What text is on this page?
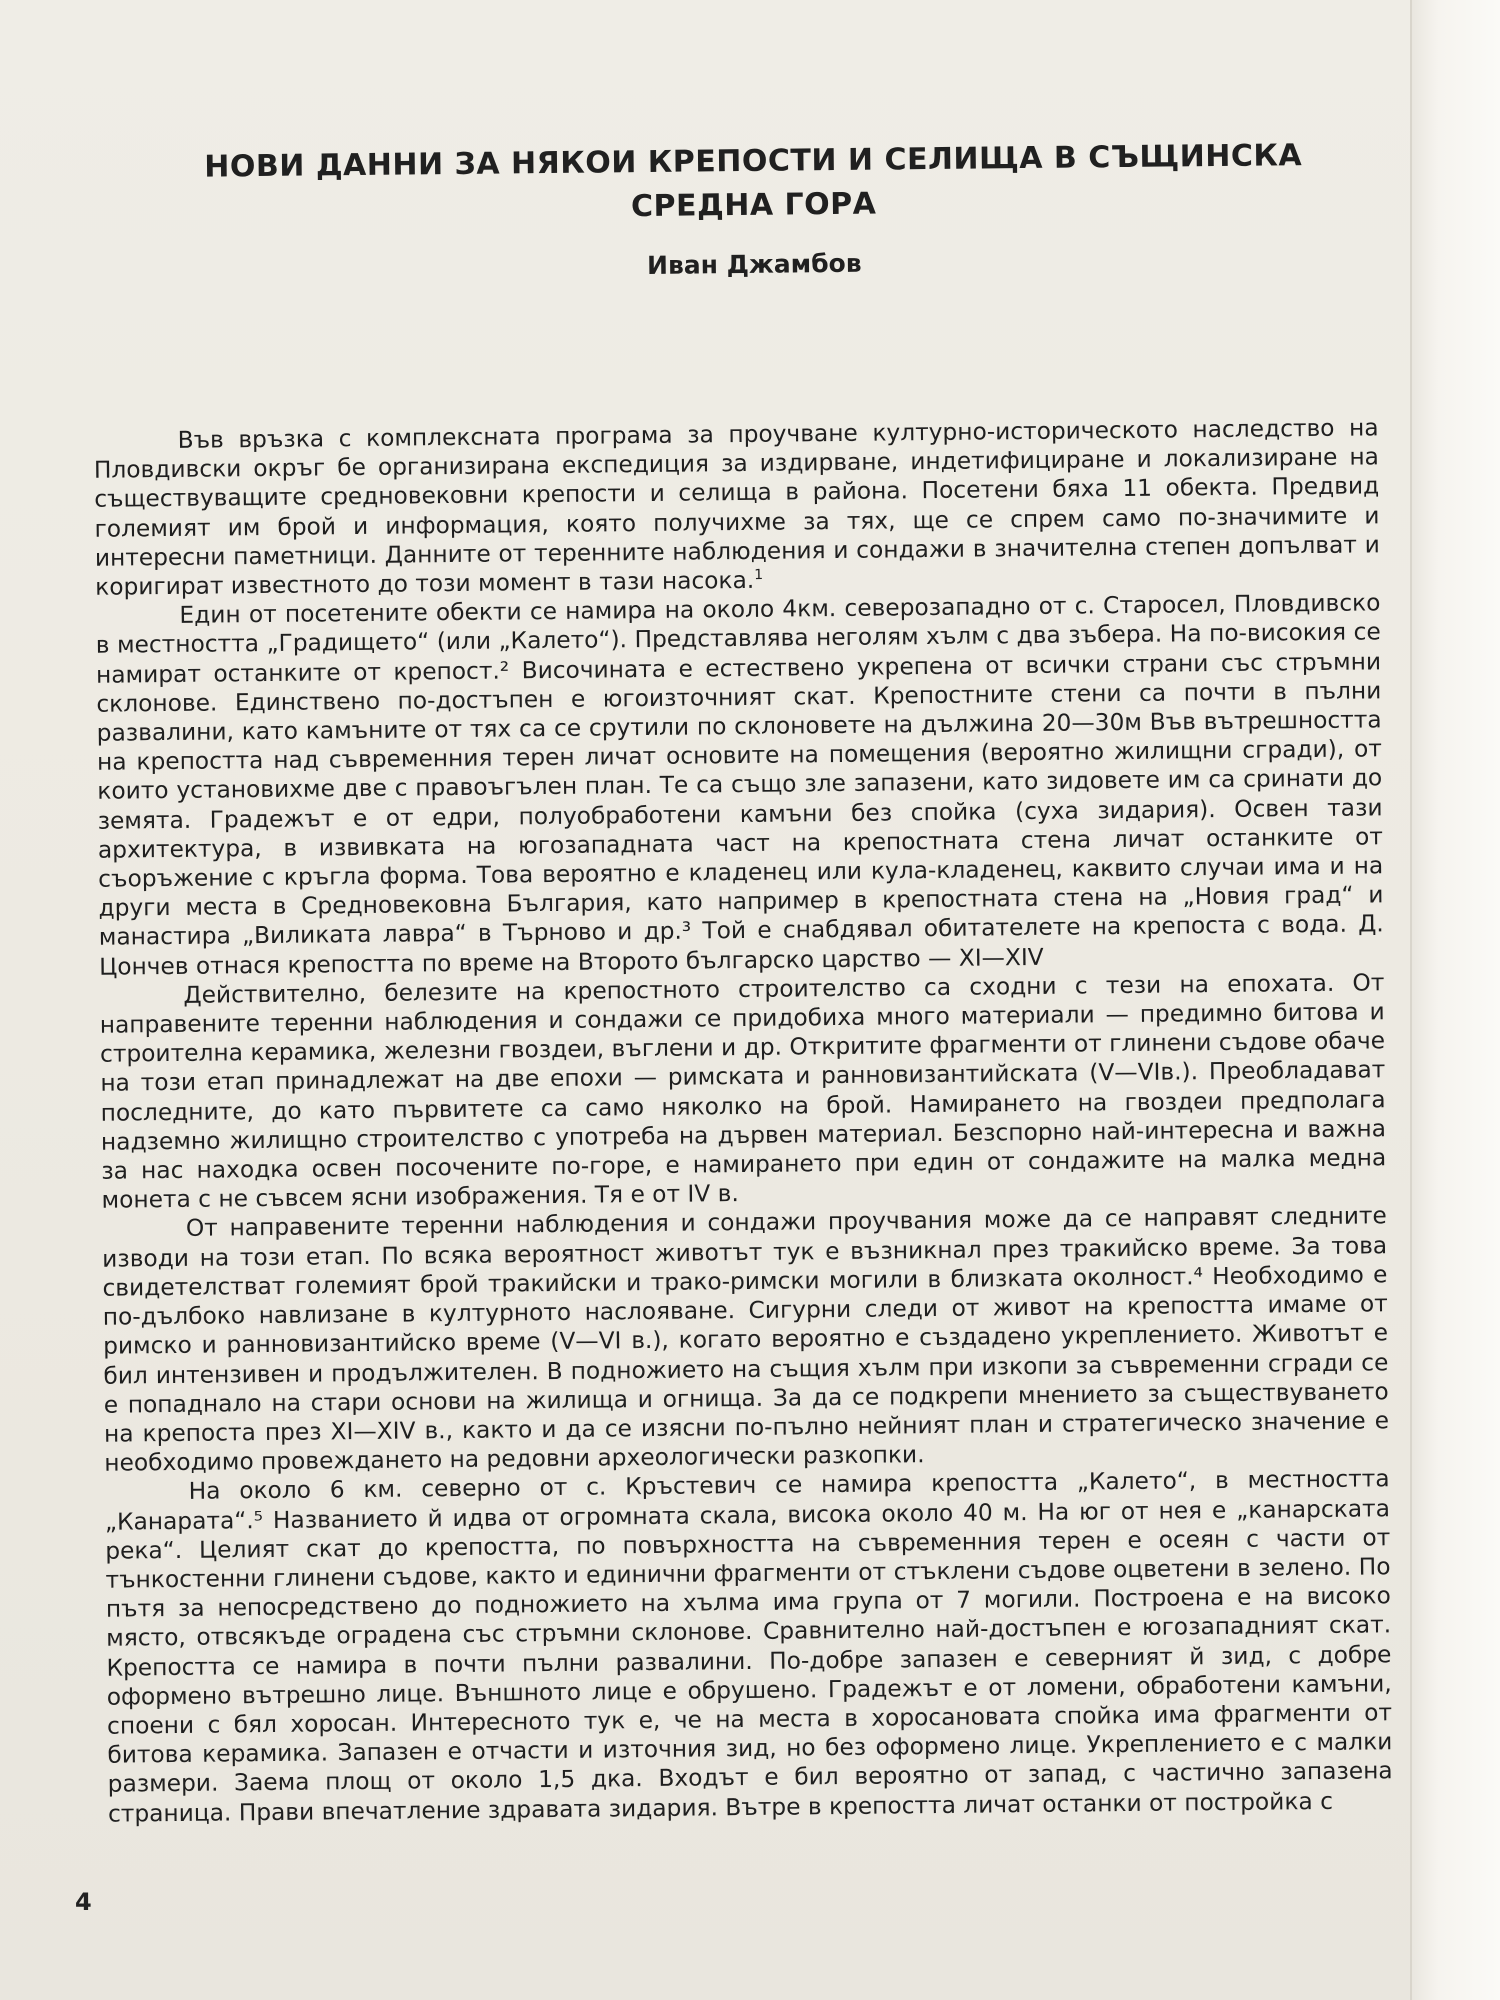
НОВИ ДАННИ ЗА НЯКОИ КРЕПОСТИ И СЕЛИЩА В СЪЩИНСКА
СРЕДНА ГОРА
Иван Джамбов

Във връзка с комплексната програма за проучване културно-историческото наследство на Пловдивски окръг бе организирана експедиция за издирване, индетифициране и локализиране на съществуващите средновековни крепости и селища в района. Посетени бяха 11 обекта. Предвид големият им брой и информация, която получихме за тях, ще се спрем само по-значимите и интересни паметници. Данните от теренните наблюдения и сондажи в значителна степен допълват и коригират известното до този момент в тази насока.$^1$

Един от посетените обекти се намира на около 4км. северозападно от с. Старосел, Пловдивско в местността „Градището“ (или „Калето“). Представлява неголям хълм с два зъбера. На по-високия се намират останките от крепост.² Височината е естествено укрепена от всички страни със стръмни склонове. Единствено по-достъпен е югоизточният скат. Крепостните стени са почти в пълни развалини, като камъните от тях са се срутили по склоновете на дължина 20—30м Във вътрешността на крепостта над съвременния терен личат основите на помещения (вероятно жилищни сгради), от които установихме две с правоъгълен план. Те са също зле запазени, като зидовете им са сринати до земята. Градежът е от едри, полуобработени камъни без спойка (суха зидария). Освен тази архитектура, в извивката на югозападната част на крепостната стена личат останките от съоръжение с кръгла форма. Това вероятно е кладенец или кула-кладенец, каквито случаи има и на други места в Средновековна България, като например в крепостната стена на „Новия град“ и манастира „Виликата лавра“ в Търново и др.³ Той е снабдявал обитателете на крепоста с вода. Д. Цончев отнася крепостта по време на Второто българско царство — XI—XIV

Действително, белезите на крепостното строителство са сходни с тези на епохата. От направените теренни наблюдения и сондажи се придобиха много материали — предимно битова и строителна керамика, железни гвоздеи, въглени и др. Откритите фрагменти от глинени съдове обаче на този етап принадлежат на две епохи — римската и ранновизантийската (V—VIв.). Преобладават последните, до като първитете са само няколко на брой. Намирането на гвоздеи предполага надземно жилищно строителство с употреба на дървен материал. Безспорно най-интересна и важна за нас находка освен посочените по-горе, е намирането при един от сондажите на малка медна монета с не съвсем ясни изображения. Тя е от IV в.

От направените теренни наблюдения и сондажи проучвания може да се направят следните изводи на този етап. По всяка вероятност животът тук е възникнал през тракийско време. За това свидетелстват големият брой тракийски и трако-римски могили в близката околност.⁴ Необходимо е по-дълбоко навлизане в културното наслояване. Сигурни следи от живот на крепостта имаме от римско и ранновизантийско време (V—VI в.), когато вероятно е създадено укреплението. Животът е бил интензивен и продължителен. В подножието на същия хълм при изкопи за съвременни сгради се е попаднало на стари основи на жилища и огнища. За да се подкрепи мнението за съществуването на крепоста през XI—XIV в., както и да се изясни по-пълно нейният план и стратегическо значение е необходимо провеждането на редовни археологически разкопки.

На около 6 км. северно от с. Кръстевич се намира крепостта „Калето“, в местността „Канарата“.⁵ Названието й идва от огромната скала, висока около 40 м. На юг от нея е „канарската река“. Целият скат до крепостта, по повърхността на съвременния терен е осеян с части от тънкостенни глинени съдове, както и единични фрагменти от стъклени съдове оцветени в зелено. По пътя за непосредствено до подножието на хълма има група от 7 могили. Построена е на високо място, отвсякъде оградена със стръмни склонове. Сравнително най-достъпен е югозападният скат. Крепостта се намира в почти пълни развалини. По-добре запазен е северният й зид, с добре оформено вътрешно лице. Външното лице е обрушено. Градежът е от ломени, обработени камъни, споени с бял хоросан. Интересното тук е, че на места в хоросановата спойка има фрагменти от битова керамика. Запазен е отчасти и източния зид, но без оформено лице. Укреплението е с малки размери. Заема площ от около 1,5 дка. Входът е бил вероятно от запад, с частично запазена страница. Прави впечатление здравата зидария. Вътре в крепостта личат останки от постройка с

4
